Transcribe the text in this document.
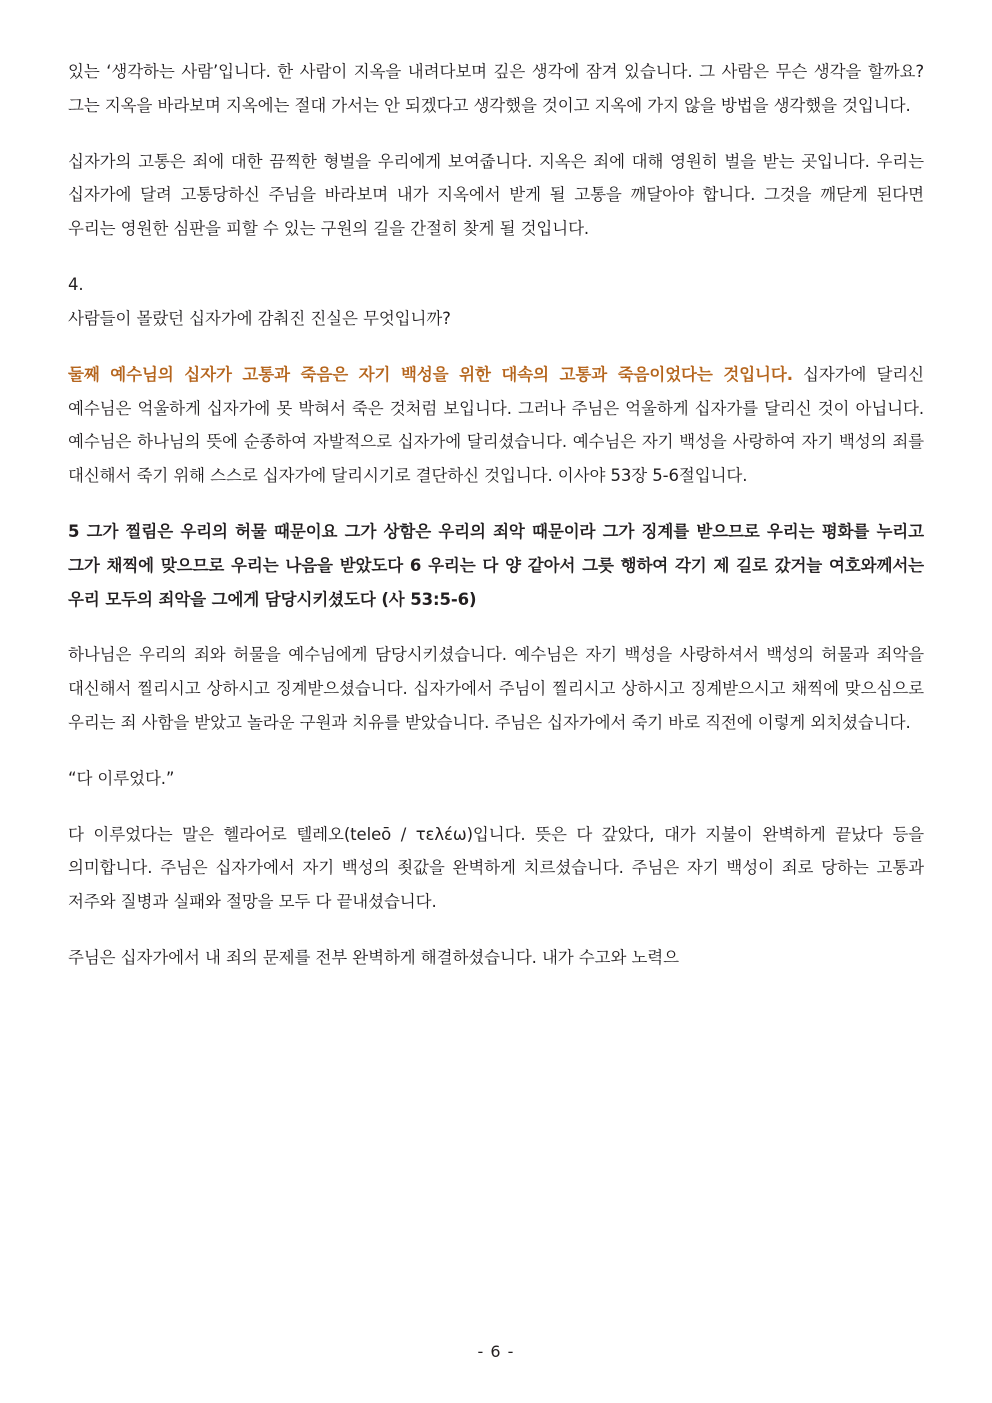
있는 ‘생각하는 사람’입니다. 한 사람이 지옥을 내려다보며 깊은 생각에 잠겨 있습니다. 그 사람은 무슨 생각을 할까요? 그는 지옥을 바라보며 지옥에는 절대 가서는 안 되겠다고 생각했을 것이고 지옥에 가지 않을 방법을 생각했을 것입니다.

십자가의 고통은 죄에 대한 끔찍한 형벌을 우리에게 보여줍니다. 지옥은 죄에 대해 영원히 벌을 받는 곳입니다. 우리는 십자가에 달려 고통당하신 주님을 바라보며 내가 지옥에서 받게 될 고통을 깨달아야 합니다. 그것을 깨닫게 된다면 우리는 영원한 심판을 피할 수 있는 구원의 길을 간절히 찾게 될 것입니다.

4.

사람들이 몰랐던 십자가에 감춰진 진실은 무엇입니까?

둘째 예수님의 십자가 고통과 죽음은 자기 백성을 위한 대속의 고통과 죽음이었다는 것입니다. 십자가에 달리신 예수님은 억울하게 십자가에 못 박혀서 죽은 것처럼 보입니다. 그러나 주님은 억울하게 십자가를 달리신 것이 아닙니다. 예수님은 하나님의 뜻에 순종하여 자발적으로 십자가에 달리셨습니다. 예수님은 자기 백성을 사랑하여 자기 백성의 죄를 대신해서 죽기 위해 스스로 십자가에 달리시기로 결단하신 것입니다. 이사야 53장 5-6절입니다.

5 그가 찔림은 우리의 허물 때문이요 그가 상함은 우리의 죄악 때문이라 그가 징계를 받으므로 우리는 평화를 누리고 그가 채찍에 맞으므로 우리는 나음을 받았도다 6 우리는 다 양 같아서 그릇 행하여 각기 제 길로 갔거늘 여호와께서는 우리 모두의 죄악을 그에게 담당시키셨도다 (사 53:5-6)

하나님은 우리의 죄와 허물을 예수님에게 담당시키셨습니다. 예수님은 자기 백성을 사랑하셔서 백성의 허물과 죄악을 대신해서 찔리시고 상하시고 징계받으셨습니다. 십자가에서 주님이 찔리시고 상하시고 징계받으시고 채찍에 맞으심으로 우리는 죄 사함을 받았고 놀라운 구원과 치유를 받았습니다. 주님은 십자가에서 죽기 바로 직전에 이렇게 외치셨습니다.

“다 이루었다.”

다 이루었다는 말은 헬라어로 텔레오(teleō / τελέω)입니다. 뜻은 다 갚았다, 대가 지불이 완벽하게 끝났다 등을 의미합니다. 주님은 십자가에서 자기 백성의 죗값을 완벽하게 치르셨습니다. 주님은 자기 백성이 죄로 당하는 고통과 저주와 질병과 실패와 절망을 모두 다 끝내셨습니다.

주님은 십자가에서 내 죄의 문제를 전부 완벽하게 해결하셨습니다. 내가 수고와 노력으

- 6 -
